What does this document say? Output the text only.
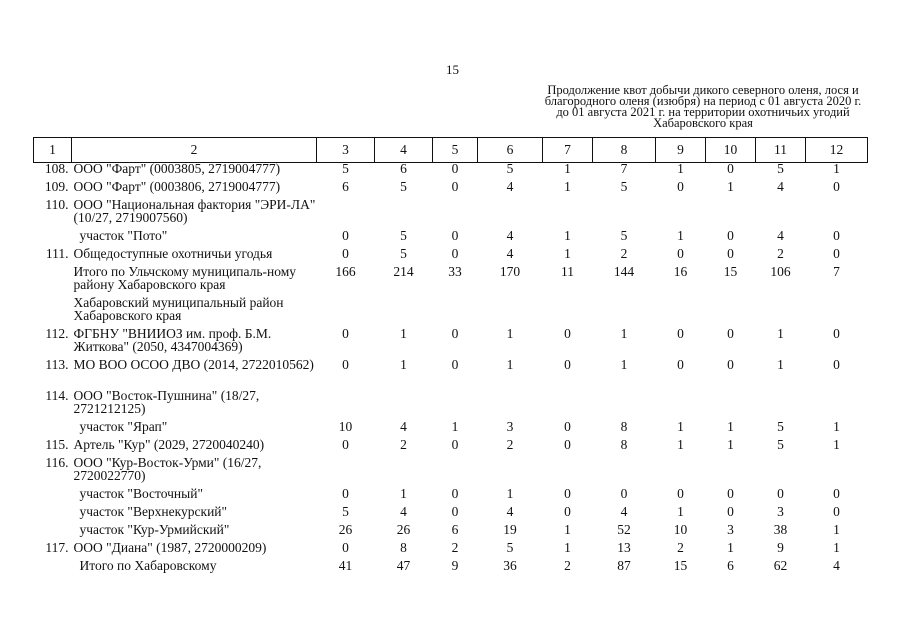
15
Продолжение квот добычи дикого северного оленя, лося и
благородного оленя (изюбря) на период с 01 августа 2020 г.
до 01 августа 2021 г. на территории охотничьих угодий
Хабаровского края
1	2	3	4	5	6	7	8	9	10	11	12
108.	ООО "Фарт" (0003805, 2719004777)	5	6	0	5	1	7	1	0	5	1
109.	ООО "Фарт" (0003806, 2719004777)	6	5	0	4	1	5	0	1	4	0
110.	ООО "Национальная фактория "ЭРИ-ЛА" (10/27, 2719007560)										
	участок "Пото"	0	5	0	4	1	5	1	0	4	0
111.	Общедоступные охотничьи угодья	0	5	0	4	1	2	0	0	2	0
	Итого по Ульчскому муниципаль-ному району Хабаровского края	166	214	33	170	11	144	16	15	106	7
	Хабаровский муниципальный район Хабаровского края										
112.	ФГБНУ "ВНИИОЗ им. проф. Б.М. Житкова" (2050, 4347004369)	0	1	0	1	0	1	0	0	1	0
113.	МО ВОО ОСОО ДВО (2014, 2722010562)	0	1	0	1	0	1	0	0	1	0
114.	ООО "Восток-Пушнина" (18/27, 2721212125)										
	участок "Ярап"	10	4	1	3	0	8	1	1	5	1
115.	Артель "Кур" (2029, 2720040240)	0	2	0	2	0	8	1	1	5	1
116.	ООО "Кур-Восток-Урми" (16/27, 2720022770)										
	участок "Восточный"	0	1	0	1	0	0	0	0	0	0
	участок "Верхнекурский"	5	4	0	4	0	4	1	0	3	0
	участок "Кур-Урмийский"	26	26	6	19	1	52	10	3	38	1
117.	ООО "Диана" (1987, 2720000209)	0	8	2	5	1	13	2	1	9	1
	Итого по Хабаровскому	41	47	9	36	2	87	15	6	62	4
